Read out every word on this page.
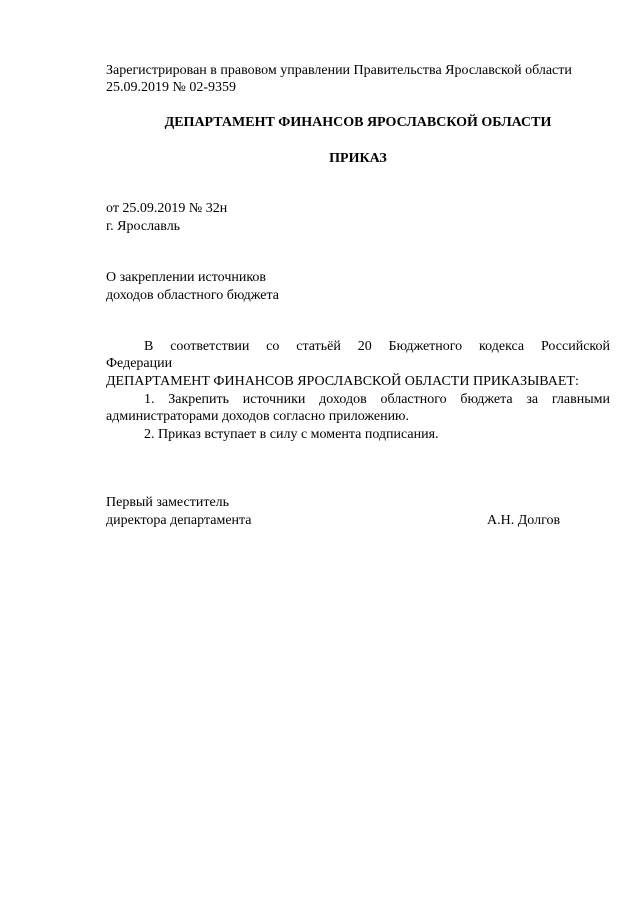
Зарегистрирован в правовом управлении Правительства Ярославской области
25.09.2019 № 02-9359
ДЕПАРТАМЕНТ ФИНАНСОВ ЯРОСЛАВСКОЙ ОБЛАСТИ
ПРИКАЗ
от 25.09.2019 № 32н
г. Ярославль
О закреплении источников
доходов областного бюджета
В соответствии со статьёй 20 Бюджетного кодекса Российской
Федерации
ДЕПАРТАМЕНТ ФИНАНСОВ ЯРОСЛАВСКОЙ ОБЛАСТИ ПРИКАЗЫВАЕТ:
1. Закрепить источники доходов областного бюджета за главными
администраторами доходов согласно приложению.
2. Приказ вступает в силу с момента подписания.
Первый заместитель
директора департамента	А.Н. Долгов
